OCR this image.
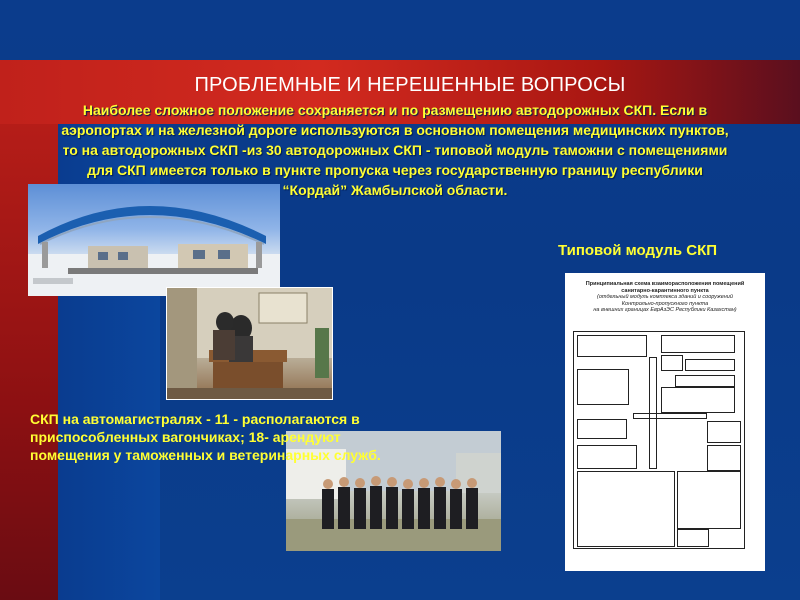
ПРОБЛЕМНЫЕ И НЕРЕШЕННЫЕ ВОПРОСЫ
Наиболее сложное положение сохраняется и по размещению автодорожных СКП. Если в
аэропортах и на железной дороге используются в основном помещения медицинских пунктов,
то на автодорожных СКП -из 30 автодорожных СКП - типовой модуль таможни с помещениями
для СКП имеется только в пункте пропуска через государственную границу республики
“Кордай” Жамбылской области.
Типовой модуль СКП
Принципиальная схема взаиморасположения помещений
санитарно-карантинного пункта
(отдельный модуль комплекса зданий и сооружений
Контрольно-пропускного пункта
на внешних границах ЕврАзЭС Республики Казахстан)
СКП на автомагистралях - 11 - располагаются в
приспособленных вагончиках; 18- арендуют
помещения у таможенных и ветеринарных служб.
